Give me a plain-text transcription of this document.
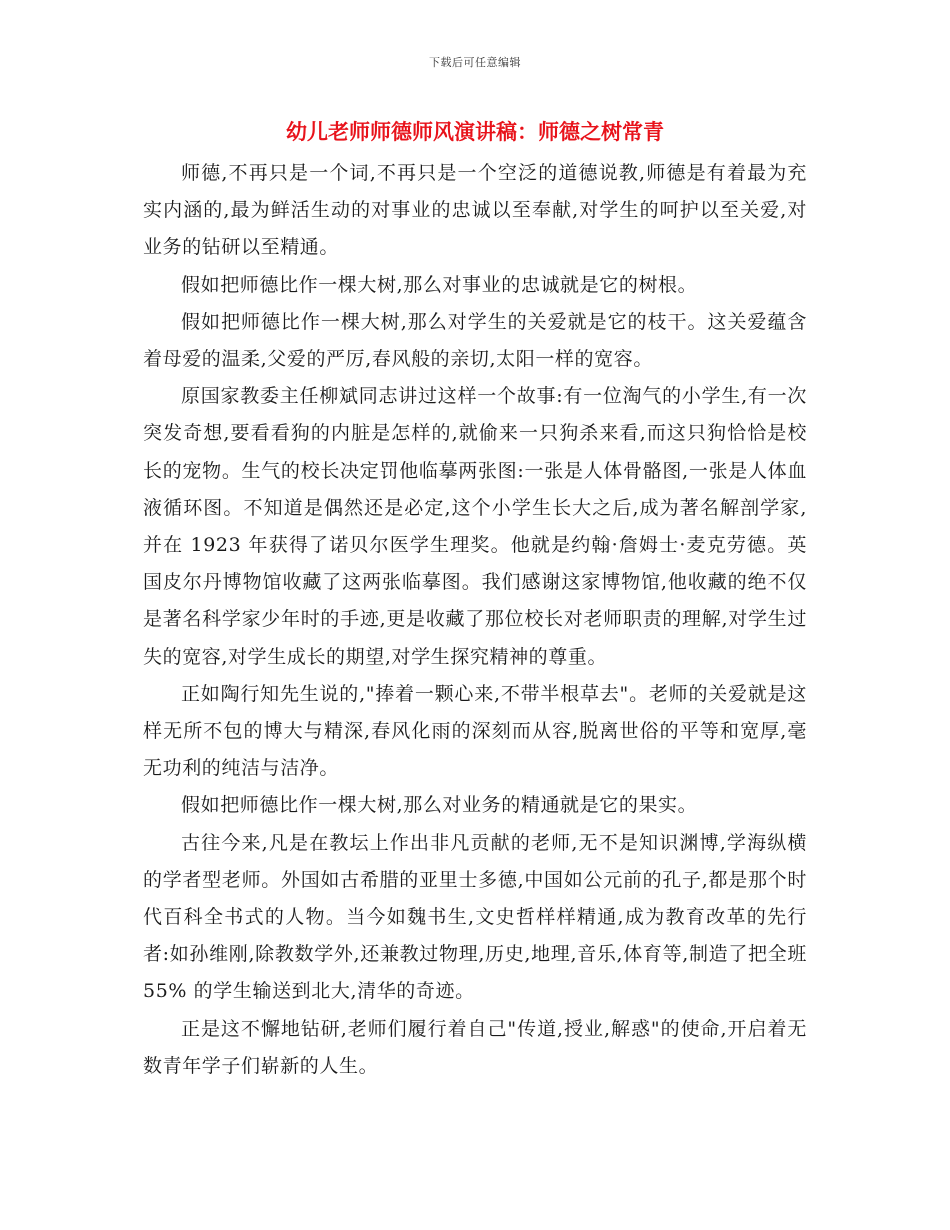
下载后可任意编辑
幼儿老师师德师风演讲稿：师德之树常青

师德,不再只是一个词,不再只是一个空泛的道德说教,师德是有着最为充实内涵的,最为鲜活生动的对事业的忠诚以至奉献,对学生的呵护以至关爱,对业务的钻研以至精通。

假如把师德比作一棵大树,那么对事业的忠诚就是它的树根。

假如把师德比作一棵大树,那么对学生的关爱就是它的枝干。这关爱蕴含着母爱的温柔,父爱的严厉,春风般的亲切,太阳一样的宽容。

原国家教委主任柳斌同志讲过这样一个故事:有一位淘气的小学生,有一次突发奇想,要看看狗的内脏是怎样的,就偷来一只狗杀来看,而这只狗恰恰是校长的宠物。生气的校长决定罚他临摹两张图:一张是人体骨骼图,一张是人体血液循环图。不知道是偶然还是必定,这个小学生长大之后,成为著名解剖学家,并在 1923 年获得了诺贝尔医学生理奖。他就是约翰·詹姆士·麦克劳德。英国皮尔丹博物馆收藏了这两张临摹图。我们感谢这家博物馆,他收藏的绝不仅是著名科学家少年时的手迹,更是收藏了那位校长对老师职责的理解,对学生过失的宽容,对学生成长的期望,对学生探究精神的尊重。

正如陶行知先生说的,"捧着一颗心来,不带半根草去"。老师的关爱就是这样无所不包的博大与精深,春风化雨的深刻而从容,脱离世俗的平等和宽厚,毫无功利的纯洁与洁净。

假如把师德比作一棵大树,那么对业务的精通就是它的果实。

古往今来,凡是在教坛上作出非凡贡献的老师,无不是知识渊博,学海纵横的学者型老师。外国如古希腊的亚里士多德,中国如公元前的孔子,都是那个时代百科全书式的人物。当今如魏书生,文史哲样样精通,成为教育改革的先行者:如孙维刚,除教数学外,还兼教过物理,历史,地理,音乐,体育等,制造了把全班55% 的学生输送到北大,清华的奇迹。

正是这不懈地钻研,老师们履行着自己"传道,授业,解惑"的使命,开启着无数青年学子们崭新的人生。
